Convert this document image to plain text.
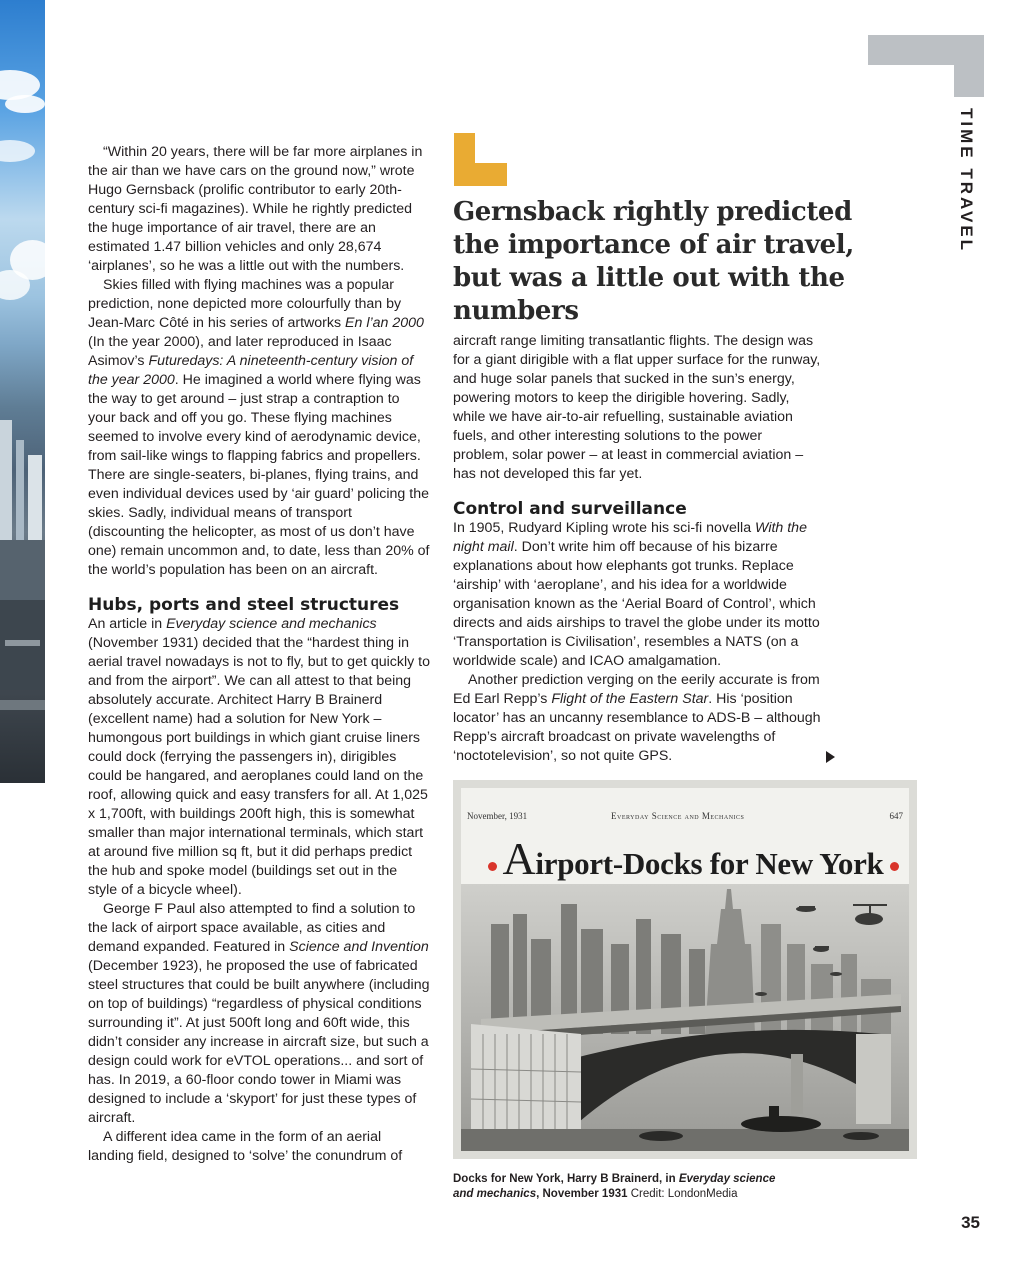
TIME TRAVEL

“Within 20 years, there will be far more airplanes in the air than we have cars on the ground now,” wrote Hugo Gernsback (prolific contributor to early 20th-century sci-fi magazines). While he rightly predicted the huge importance of air travel, there are an estimated 1.47 billion vehicles and only 28,674 ‘airplanes’, so he was a little out with the numbers.

Skies filled with flying machines was a popular prediction, none depicted more colourfully than by Jean-Marc Côté in his series of artworks En l’an 2000 (In the year 2000), and later reproduced in Isaac Asimov’s Futuredays: A nineteenth-century vision of the year 2000. He imagined a world where flying was the way to get around – just strap a contraption to your back and off you go. These flying machines seemed to involve every kind of aerodynamic device, from sail-like wings to flapping fabrics and propellers. There are single-seaters, bi-planes, flying trains, and even individual devices used by ‘air guard’ policing the skies. Sadly, individual means of transport (discounting the helicopter, as most of us don’t have one) remain uncommon and, to date, less than 20% of the world’s population has been on an aircraft.

Hubs, ports and steel structures

An article in Everyday science and mechanics (November 1931) decided that the “hardest thing in aerial travel nowadays is not to fly, but to get quickly to and from the airport”. We can all attest to that being absolutely accurate. Architect Harry B Brainerd (excellent name) had a solution for New York – humongous port buildings in which giant cruise liners could dock (ferrying the passengers in), dirigibles could be hangared, and aeroplanes could land on the roof, allowing quick and easy transfers for all. At 1,025 x 1,700ft, with buildings 200ft high, this is somewhat smaller than major international terminals, which start at around five million sq ft, but it did perhaps predict the hub and spoke model (buildings set out in the style of a bicycle wheel).

George F Paul also attempted to find a solution to the lack of airport space available, as cities and demand expanded. Featured in Science and Invention (December 1923), he proposed the use of fabricated steel structures that could be built anywhere (including on top of buildings) “regardless of physical conditions surrounding it”. At just 500ft long and 60ft wide, this didn’t consider any increase in aircraft size, but such a design could work for eVTOL operations... and sort of has. In 2019, a 60-floor condo tower in Miami was designed to include a ‘skyport’ for just these types of aircraft.

A different idea came in the form of an aerial landing field, designed to ‘solve’ the conundrum of

Gernsback rightly predicted the importance of air travel, but was a little out with the numbers

aircraft range limiting transatlantic flights. The design was for a giant dirigible with a flat upper surface for the runway, and huge solar panels that sucked in the sun’s energy, powering motors to keep the dirigible hovering. Sadly, while we have air-to-air refuelling, sustainable aviation fuels, and other interesting solutions to the power problem, solar power – at least in commercial aviation – has not developed this far yet.

Control and surveillance

In 1905, Rudyard Kipling wrote his sci-fi novella With the night mail. Don’t write him off because of his bizarre explanations about how elephants got trunks. Replace ‘airship’ with ‘aeroplane’, and his idea for a worldwide organisation known as the ‘Aerial Board of Control’, which directs and aids airships to travel the globe under its motto ‘Transportation is Civilisation’, resembles a NATS (on a worldwide scale) and ICAO amalgamation.

Another prediction verging on the eerily accurate is from Ed Earl Repp’s Flight of the Eastern Star. His ‘position locator’ has an uncanny resemblance to ADS-B – although Repp’s aircraft broadcast on private wavelengths of ‘noctotelevision’, so not quite GPS.

November, 1931	Everyday Science and Mechanics	647
Airport-Docks for New York
Docks for New York, Harry B Brainerd, in Everyday science and mechanics, November 1931 Credit: LondonMedia
35
